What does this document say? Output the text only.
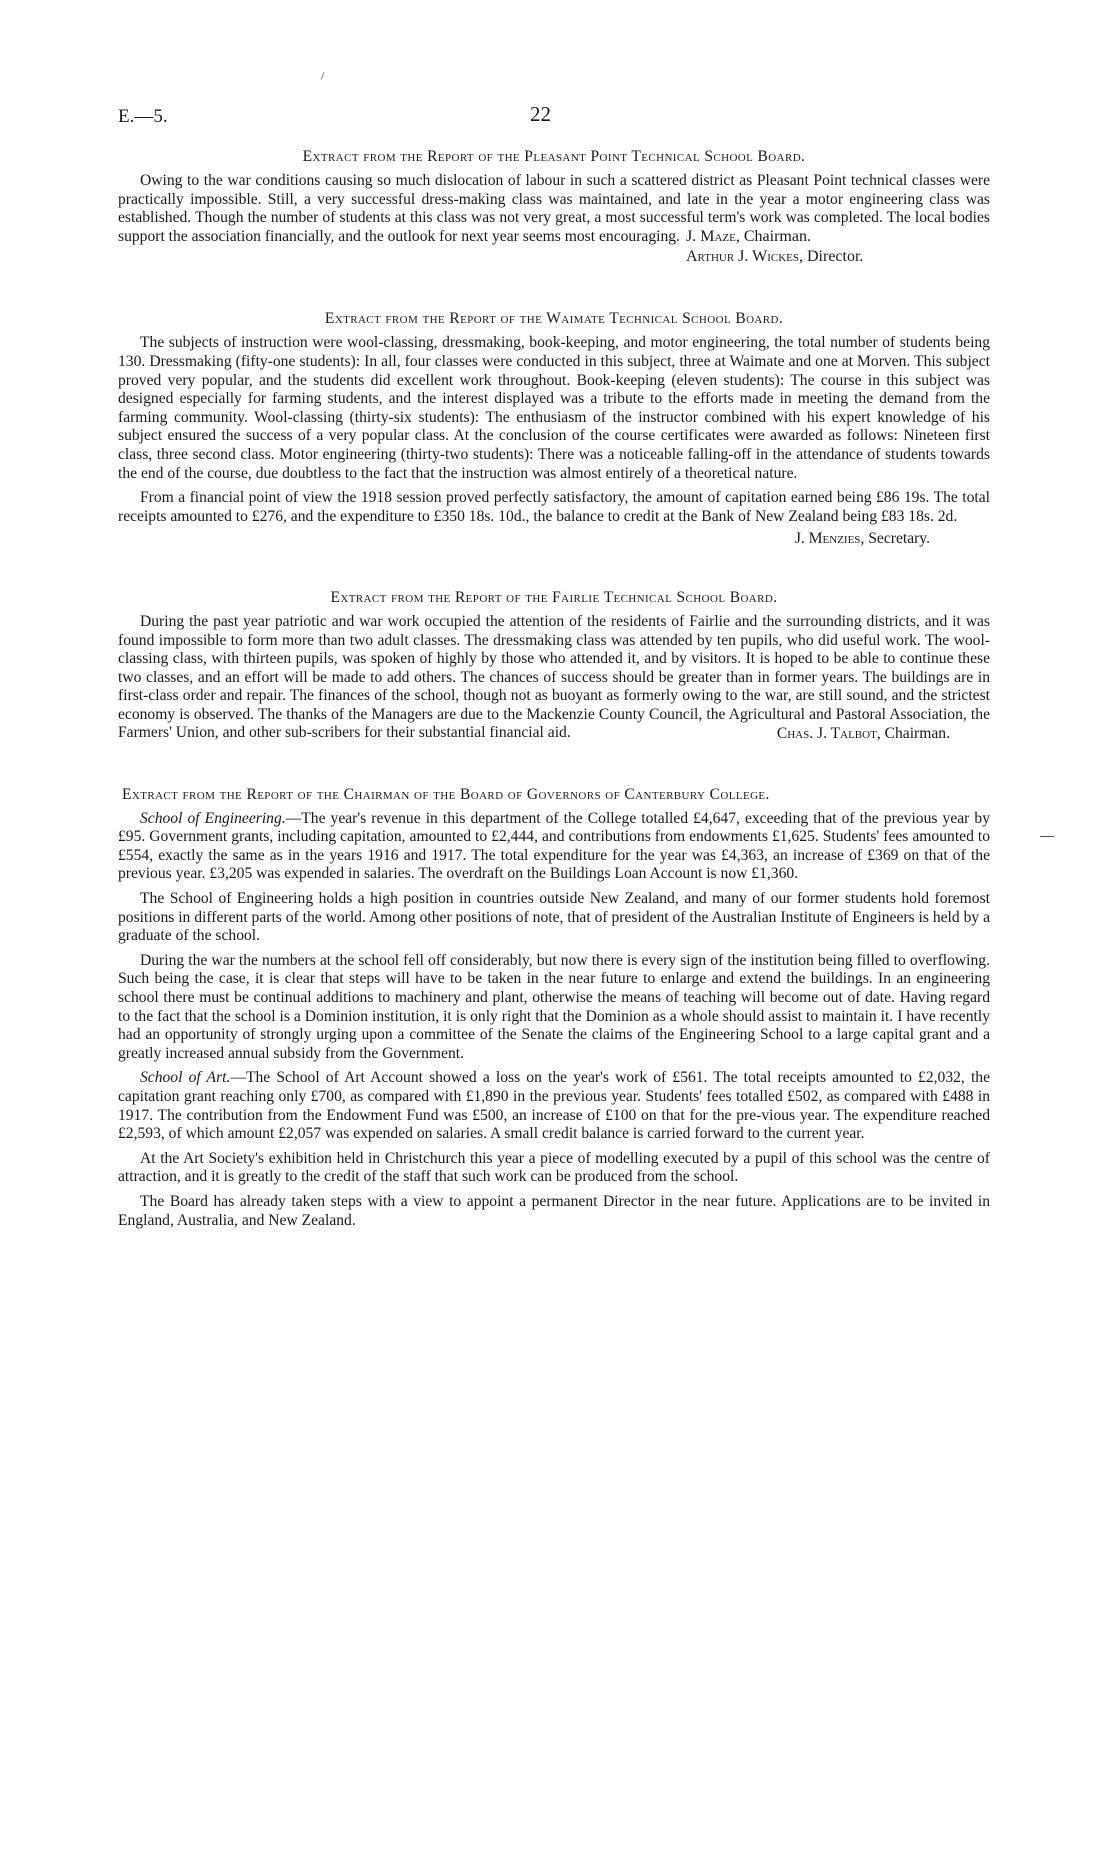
E.—5.	22
Extract from the Report of the Pleasant Point Technical School Board.

Owing to the war conditions causing so much dislocation of labour in such a scattered district as Pleasant Point technical classes were practically impossible. Still, a very successful dress-making class was maintained, and late in the year a motor engineering class was established. Though the number of students at this class was not very great, a most successful term's work was completed. The local bodies support the association financially, and the outlook for next year seems most encouraging. J. Maze, Chairman.
Arthur J. Wickes, Director.
Extract from the Report of the Waimate Technical School Board.

The subjects of instruction were wool-classing, dressmaking, book-keeping, and motor engineering, the total number of students being 130. Dressmaking (fifty-one students): In all, four classes were conducted in this subject, three at Waimate and one at Morven. This subject proved very popular, and the students did excellent work throughout. Book-keeping (eleven students): The course in this subject was designed especially for farming students, and the interest displayed was a tribute to the efforts made in meeting the demand from the farming community. Wool-classing (thirty-six students): The enthusiasm of the instructor combined with his expert knowledge of his subject ensured the success of a very popular class. At the conclusion of the course certificates were awarded as follows: Nineteen first class, three second class. Motor engineering (thirty-two students): There was a noticeable falling-off in the attendance of students towards the end of the course, due doubtless to the fact that the instruction was almost entirely of a theoretical nature.

From a financial point of view the 1918 session proved perfectly satisfactory, the amount of capitation earned being £86 19s. The total receipts amounted to £276, and the expenditure to £350 18s. 10d., the balance to credit at the Bank of New Zealand being £83 18s. 2d.

J. Menzies, Secretary.
Extract from the Report of the Fairlie Technical School Board.

During the past year patriotic and war work occupied the attention of the residents of Fairlie and the surrounding districts, and it was found impossible to form more than two adult classes. The dressmaking class was attended by ten pupils, who did useful work. The wool-classing class, with thirteen pupils, was spoken of highly by those who attended it, and by visitors. It is hoped to be able to continue these two classes, and an effort will be made to add others. The chances of success should be greater than in former years. The buildings are in first-class order and repair. The finances of the school, though not as buoyant as formerly owing to the war, are still sound, and the strictest economy is observed. The thanks of the Managers are due to the Mackenzie County Council, the Agricultural and Pastoral Association, the Farmers' Union, and other sub-scribers for their substantial financial aid.	Chas. J. Talbot, Chairman.
Extract from the Report of the Chairman of the Board of Governors of Canterbury College.

School of Engineering.—The year's revenue in this department of the College totalled £4,647, exceeding that of the previous year by £95. Government grants, including capitation, amounted to £2,444, and contributions from endowments £1,625. Students' fees amounted to £554, exactly the same as in the years 1916 and 1917. The total expenditure for the year was £4,363, an increase of £369 on that of the previous year. £3,205 was expended in salaries. The overdraft on the Buildings Loan Account is now £1,360.

The School of Engineering holds a high position in countries outside New Zealand, and many of our former students hold foremost positions in different parts of the world. Among other positions of note, that of president of the Australian Institute of Engineers is held by a graduate of the school.

During the war the numbers at the school fell off considerably, but now there is every sign of the institution being filled to overflowing. Such being the case, it is clear that steps will have to be taken in the near future to enlarge and extend the buildings. In an engineering school there must be continual additions to machinery and plant, otherwise the means of teaching will become out of date. Having regard to the fact that the school is a Dominion institution, it is only right that the Dominion as a whole should assist to maintain it. I have recently had an opportunity of strongly urging upon a committee of the Senate the claims of the Engineering School to a large capital grant and a greatly increased annual subsidy from the Government.

School of Art.—The School of Art Account showed a loss on the year's work of £561. The total receipts amounted to £2,032, the capitation grant reaching only £700, as compared with £1,890 in the previous year. Students' fees totalled £502, as compared with £488 in 1917. The contribution from the Endowment Fund was £500, an increase of £100 on that for the pre-vious year. The expenditure reached £2,593, of which amount £2,057 was expended on salaries. A small credit balance is carried forward to the current year.

At the Art Society's exhibition held in Christchurch this year a piece of modelling executed by a pupil of this school was the centre of attraction, and it is greatly to the credit of the staff that such work can be produced from the school.

The Board has already taken steps with a view to appoint a permanent Director in the near future. Applications are to be invited in England, Australia, and New Zealand.
